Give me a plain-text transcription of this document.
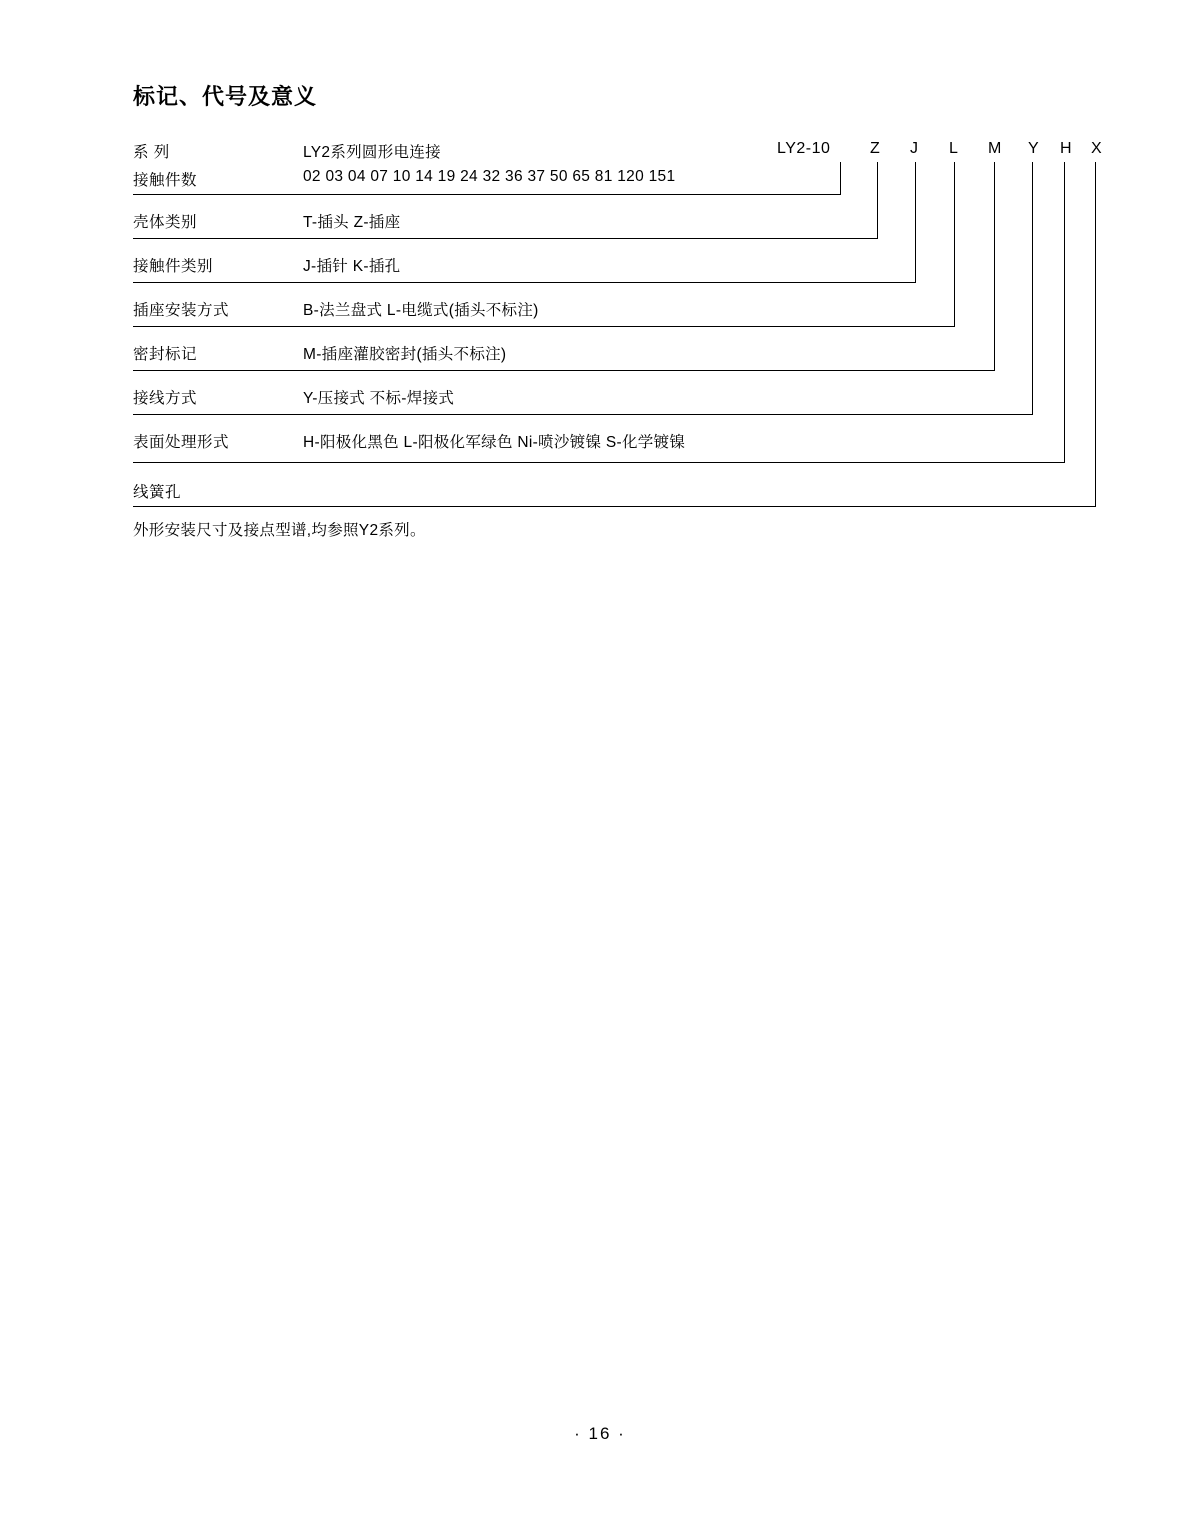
标记、代号及意义
系 列
接触件数
壳体类别
接触件类别
插座安装方式
密封标记
接线方式
表面处理形式
线簧孔
LY2系列圆形电连接
02 03 04 07 10 14 19 24 32 36 37 50 65 81 120 151
T-插头 Z-插座
J-插针 K-插孔
B-法兰盘式 L-电缆式(插头不标注)
M-插座灌胶密封(插头不标注)
Y-压接式 不标-焊接式
H-阳极化黑色 L-阳极化军绿色 Ni-喷沙镀镍 S-化学镀镍
LY2-10 Z J L M Y H X
外形安装尺寸及接点型谱,均参照Y2系列。
· 16 ·
